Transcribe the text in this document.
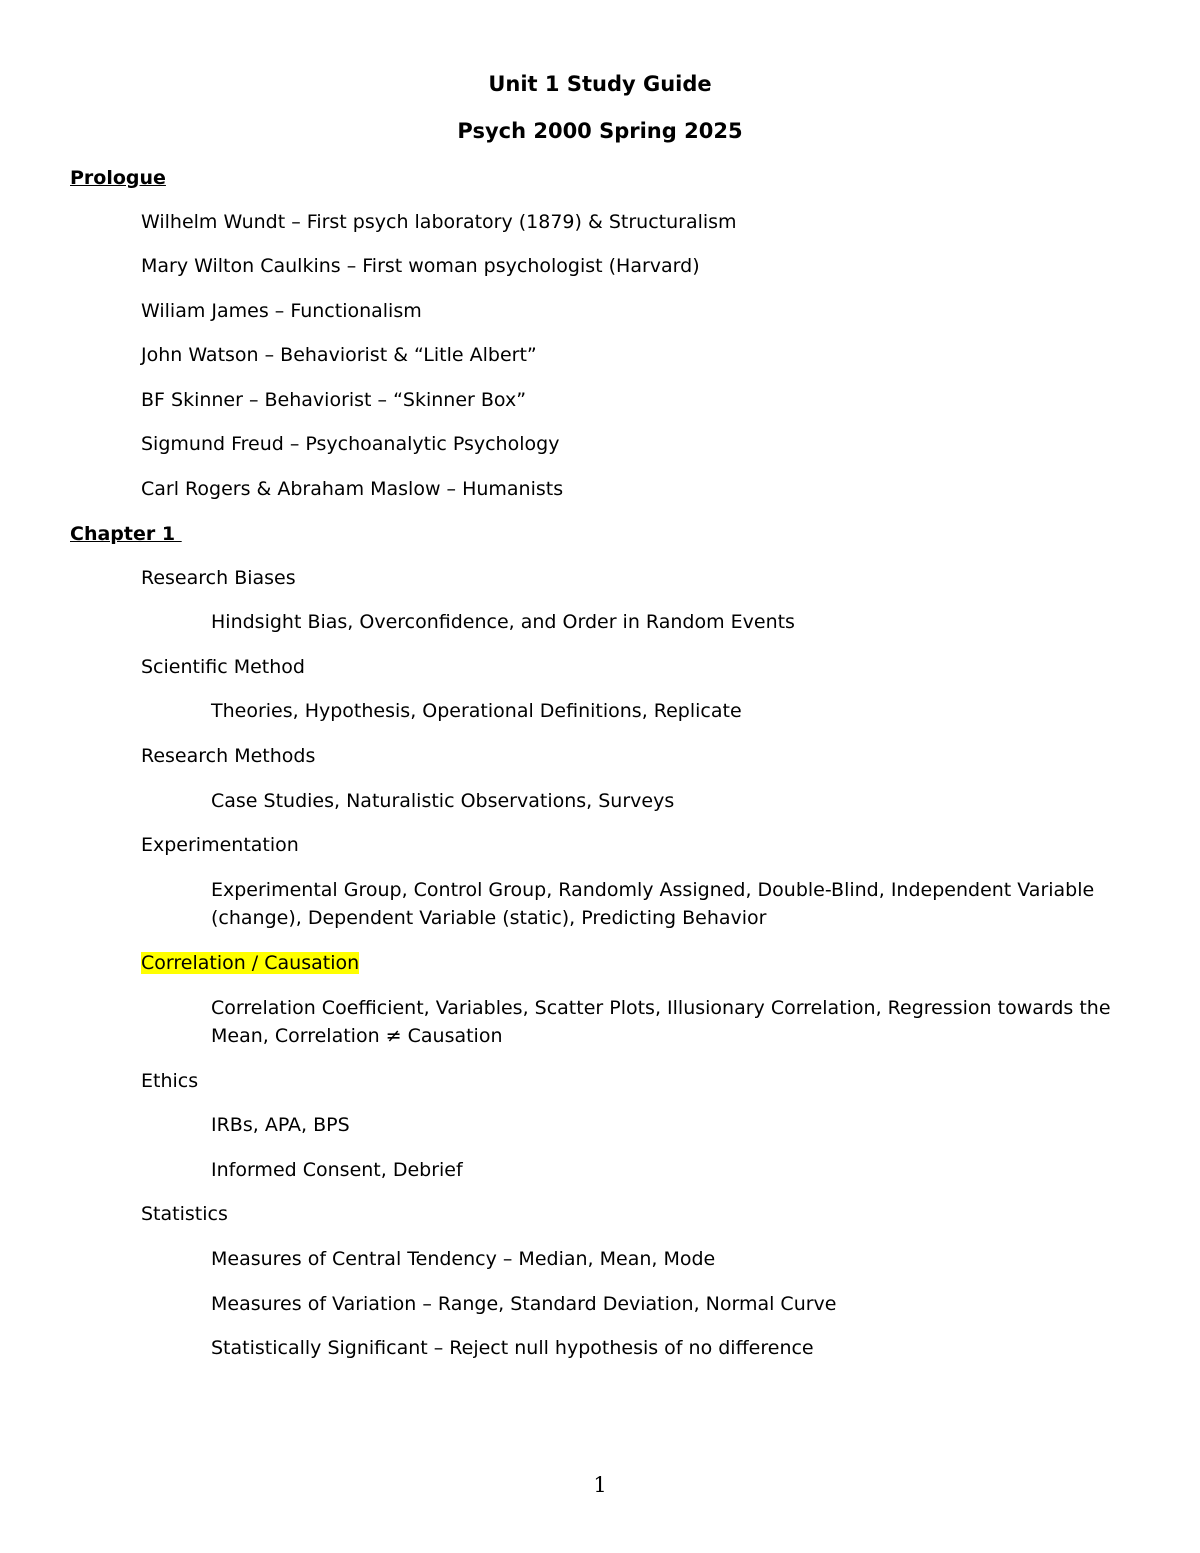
Unit 1 Study Guide
Psych 2000 Spring 2025
Prologue
Wilhelm Wundt – First psych laboratory (1879) & Structuralism
Mary Wilton Caulkins – First woman psychologist (Harvard)
Wiliam James – Functionalism
John Watson – Behaviorist & “Litle Albert”
BF Skinner – Behaviorist – “Skinner Box”
Sigmund Freud – Psychoanalytic Psychology
Carl Rogers & Abraham Maslow – Humanists
Chapter 1
Research Biases
Hindsight Bias, Overconfidence, and Order in Random Events
Scientific Method
Theories, Hypothesis, Operational Definitions, Replicate
Research Methods
Case Studies, Naturalistic Observations, Surveys
Experimentation
Experimental Group, Control Group, Randomly Assigned, Double-Blind, Independent Variable (change), Dependent Variable (static), Predicting Behavior
Correlation / Causation
Correlation Coefficient, Variables, Scatter Plots, Illusionary Correlation, Regression towards the Mean, Correlation ≠ Causation
Ethics
IRBs, APA, BPS
Informed Consent, Debrief
Statistics
Measures of Central Tendency – Median, Mean, Mode
Measures of Variation – Range, Standard Deviation, Normal Curve
Statistically Significant – Reject null hypothesis of no difference
1
